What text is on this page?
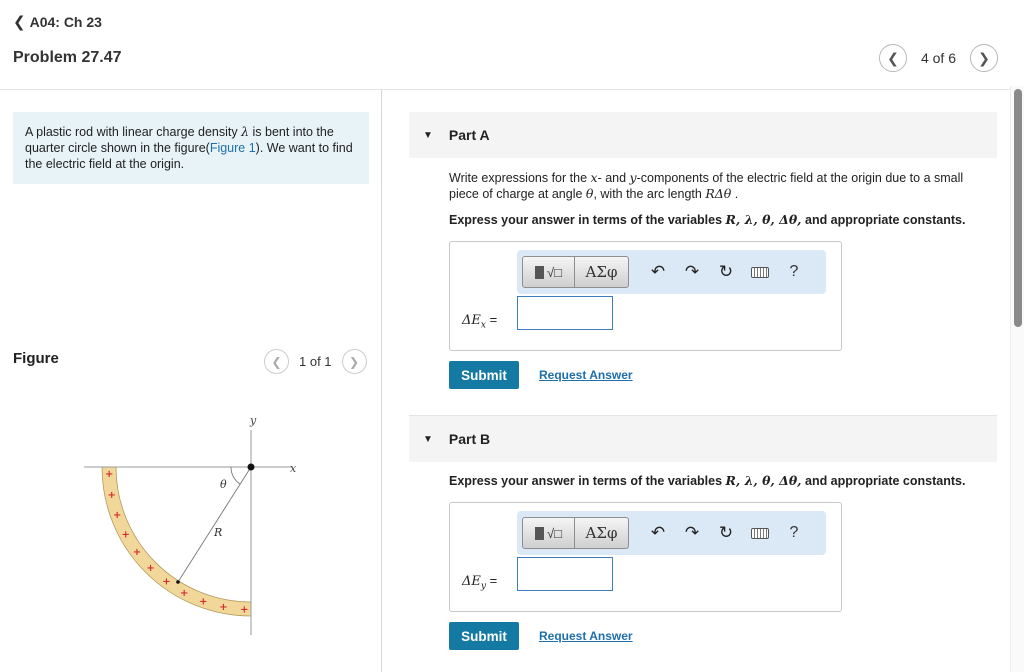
❮ A04: Ch 23
Problem 27.47	❮ 4 of 6 ❯
A plastic rod with linear charge density λ is bent into the quarter circle shown in the figure(Figure 1). We want to find the electric field at the origin.
Figure	❮ 1 of 1 ❯
y
x
θ
R
+
+
+
+
+
+
+
+
+ + +
▼ Part A
Write expressions for the x- and y-components of the electric field at the origin due to a small piece of charge at angle θ, with the arc length RΔθ .
Express your answer in terms of the variables R, λ, θ, Δθ, and appropriate constants.
√□ ΑΣφ	↶	↷	↻	?
$\Delta E_x$ =
Submit	Request Answer
▼ Part B
Express your answer in terms of the variables R, λ, θ, Δθ, and appropriate constants.
√□ ΑΣφ	↶	↷	↻	?
$\Delta E_y$ =
Submit	Request Answer
